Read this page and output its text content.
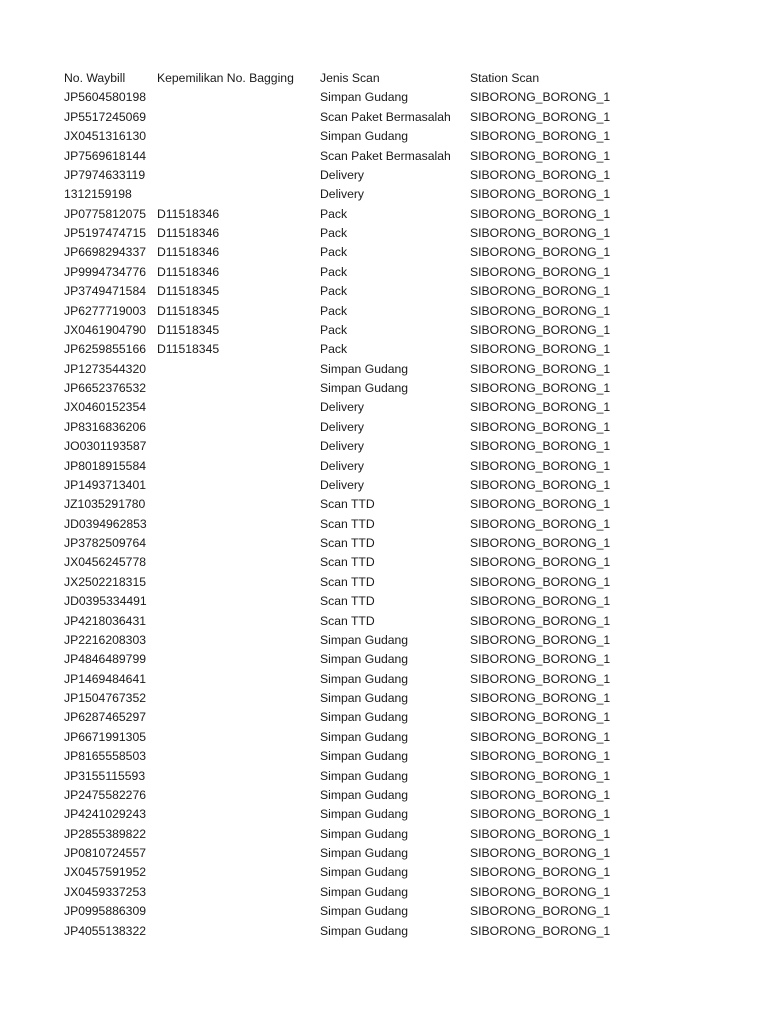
No. Waybill	Kepemilikan No. Bagging	Jenis Scan	Station Scan
JP5604580198		Simpan Gudang	SIBORONG_BORONG_1
JP5517245069		Scan Paket Bermasalah	SIBORONG_BORONG_1
JX0451316130		Simpan Gudang	SIBORONG_BORONG_1
JP7569618144		Scan Paket Bermasalah	SIBORONG_BORONG_1
JP7974633119		Delivery	SIBORONG_BORONG_1
1312159198		Delivery	SIBORONG_BORONG_1
JP0775812075	D11518346	Pack	SIBORONG_BORONG_1
JP5197474715	D11518346	Pack	SIBORONG_BORONG_1
JP6698294337	D11518346	Pack	SIBORONG_BORONG_1
JP9994734776	D11518346	Pack	SIBORONG_BORONG_1
JP3749471584	D11518345	Pack	SIBORONG_BORONG_1
JP6277719003	D11518345	Pack	SIBORONG_BORONG_1
JX0461904790	D11518345	Pack	SIBORONG_BORONG_1
JP6259855166	D11518345	Pack	SIBORONG_BORONG_1
JP1273544320		Simpan Gudang	SIBORONG_BORONG_1
JP6652376532		Simpan Gudang	SIBORONG_BORONG_1
JX0460152354		Delivery	SIBORONG_BORONG_1
JP8316836206		Delivery	SIBORONG_BORONG_1
JO0301193587		Delivery	SIBORONG_BORONG_1
JP8018915584		Delivery	SIBORONG_BORONG_1
JP1493713401		Delivery	SIBORONG_BORONG_1
JZ1035291780		Scan TTD	SIBORONG_BORONG_1
JD0394962853		Scan TTD	SIBORONG_BORONG_1
JP3782509764		Scan TTD	SIBORONG_BORONG_1
JX0456245778		Scan TTD	SIBORONG_BORONG_1
JX2502218315		Scan TTD	SIBORONG_BORONG_1
JD0395334491		Scan TTD	SIBORONG_BORONG_1
JP4218036431		Scan TTD	SIBORONG_BORONG_1
JP2216208303		Simpan Gudang	SIBORONG_BORONG_1
JP4846489799		Simpan Gudang	SIBORONG_BORONG_1
JP1469484641		Simpan Gudang	SIBORONG_BORONG_1
JP1504767352		Simpan Gudang	SIBORONG_BORONG_1
JP6287465297		Simpan Gudang	SIBORONG_BORONG_1
JP6671991305		Simpan Gudang	SIBORONG_BORONG_1
JP8165558503		Simpan Gudang	SIBORONG_BORONG_1
JP3155115593		Simpan Gudang	SIBORONG_BORONG_1
JP2475582276		Simpan Gudang	SIBORONG_BORONG_1
JP4241029243		Simpan Gudang	SIBORONG_BORONG_1
JP2855389822		Simpan Gudang	SIBORONG_BORONG_1
JP0810724557		Simpan Gudang	SIBORONG_BORONG_1
JX0457591952		Simpan Gudang	SIBORONG_BORONG_1
JX0459337253		Simpan Gudang	SIBORONG_BORONG_1
JP0995886309		Simpan Gudang	SIBORONG_BORONG_1
JP4055138322		Simpan Gudang	SIBORONG_BORONG_1
